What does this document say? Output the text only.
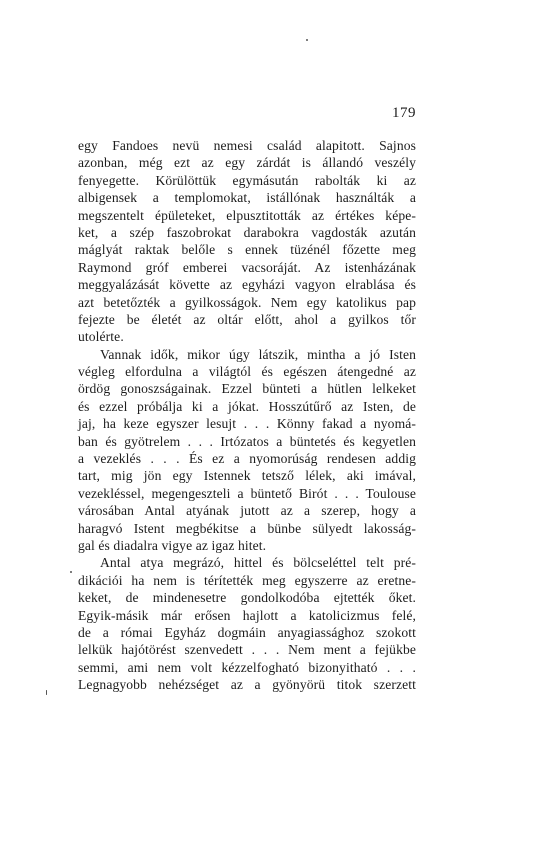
179
egy Fandoes nevü nemesi család alapitott. Sajnos
azonban, még ezt az egy zárdát is állandó veszély
fenyegette. Körülöttük egymásután rabolták ki az
albigensek a templomokat, istállónak használták a
megszentelt épületeket, elpusztitották az értékes képe-
ket, a szép faszobrokat darabokra vagdosták azután
máglyát raktak belőle s ennek tüzénél főzette meg
Raymond gróf emberei vacsoráját. Az istenházának
meggyalázását követte az egyházi vagyon elrablása és
azt betetőzték a gyilkosságok. Nem egy katolikus pap
fejezte be életét az oltár előtt, ahol a gyilkos tőr
utolérte.
Vannak idők, mikor úgy látszik, mintha a jó Isten
végleg elfordulna a világtól és egészen átengedné az
ördög gonoszságainak. Ezzel bünteti a hütlen lelkeket
és ezzel próbálja ki a jókat. Hosszútűrő az Isten, de
jaj, ha keze egyszer lesujt . . . Könny fakad a nyomá-
ban és gyötrelem . . . Irtózatos a büntetés és kegyetlen
a vezeklés . . . És ez a nyomorúság rendesen addig
tart, mig jön egy Istennek tetsző lélek, aki imával,
vezekléssel, megengeszteli a büntető Birót . . . Toulouse
városában Antal atyának jutott az a szerep, hogy a
haragvó Istent megbékitse a bünbe sülyedt lakosság-
gal és diadalra vigye az igaz hitet.
Antal atya megrázó, hittel és bölcseléttel telt pré-
dikációi ha nem is térítették meg egyszerre az eretne-
keket, de mindenesetre gondolkodóba ejtették őket.
Egyik-másik már erősen hajlott a katolicizmus felé,
de a római Egyház dogmáin anyagiassághoz szokott
lelkük hajótörést szenvedett . . . Nem ment a fejükbe
semmi, ami nem volt kézzelfogható bizonyitható . . .
Legnagyobb nehézséget az a gyönyörü titok szerzett
